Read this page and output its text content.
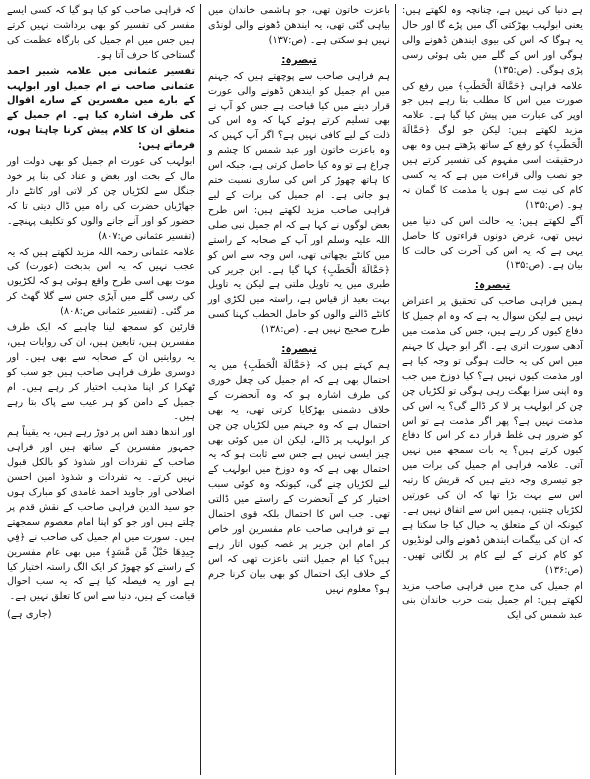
ہے دنیا کی نہیں ہے، چنانچہ وہ لکھتے ہیں: یعنی ابولہب بھڑکتی آگ میں پڑے گا اور حال یہ ہوگا کہ اس کی بیوی ایندھن ڈھونے والی ہوگی اور اس کے گلے میں بٹی ہوئی رسی پڑی ہوگی۔ (ص:۱۳۵)

علامہ فراہی ﴿حَمَّالَةَ الْحَطَبِ﴾ میں رفع کی صورت میں اس کا مطلب بتا رہے ہیں جو اوپر کی عبارت میں پیش کیا گیا ہے۔ علامہ مزید لکھتے ہیں: لیکن جو لوگ ﴿حَمَّالَةَ الْحَطَبِ﴾ کو رفع کے ساتھ پڑھتے ہیں وہ بھی درحقیقت اسی مفہوم کی تفسیر کرتے ہیں جو نصب والی قراءت میں ہے کہ یہ کسی کام کی نیت سے ہوں یا مذمت کا گمان نہ ہو۔ (ص:۱۳۵)

آگے لکھتے ہیں: یہ حالت اس کی دنیا میں نہیں تھی، غرض دونوں قراءتوں کا حاصل یہی ہے کہ یہ اس کی آخرت کی حالت کا بیان ہے۔ (ص:۱۳۵)

تبصرہ:

ہمیں فراہی صاحب کی تحقیق پر اعتراض نہیں ہے لیکن سوال یہ ہے کہ وہ ام جمیل کا دفاع کیوں کر رہے ہیں، جس کی مذمت میں آدھی سورت اتری ہے۔ اگر ابو جہل کا جہنم میں اس کی یہ حالت ہوگی تو وجہ کیا ہے اور مذمت کیوں نہیں ہے؟ کیا دوزخ میں جب وہ اپنی سزا بھگت رہی ہوگی تو لکڑیاں چن چن کر ابولہب پر لا کر ڈالے گی؟ یہ اس کی مذمت نہیں ہے؟ پھر اگر مذمت ہے تو اس کو ضرور ہی غلط قرار دے کر اس کا دفاع کیوں کرتے ہیں؟ یہ بات سمجھ میں نہیں آتی۔ علامہ فراہی ام جمیل کی برات میں جو تیسری وجہ دیتے ہیں کہ قریش کا رتبہ اس سے بہت بڑا تھا کہ ان کی عورتیں لکڑیاں چنتیں، ہمیں اس سے اتفاق نہیں ہے۔ کیونکہ ان کے متعلق یہ خیال کیا جا سکتا ہے کہ ان کی بیگمات ایندھن ڈھونے والی لونڈیوں کو کام کرنے کے لیے کام پر لگاتی تھیں۔ (ص:۱۳۶)

ام جمیل کی مدح میں فراہی صاحب مزید لکھتے ہیں: ام جمیل بنت حرب خاندان بنی عبد شمس کی ایک

باعزت خاتون تھی، جو ہاشمی خاندان میں بیاہی گئی تھی، یہ ایندھن ڈھونے والی لونڈی نہیں ہو سکتی ہے۔ (ص:۱۳۷)

تبصرہ:

ہم فراہی صاحب سے پوچھتے ہیں کہ جہنم میں ام جمیل کو ایندھن ڈھونے والی عورت قرار دینے میں کیا قباحت ہے جس کو آپ نے بھی تسلیم کرتے ہوئے کہا کہ وہ اس کی ذلت کے لیے کافی نہیں ہے؟ اگر آپ کہیں کہ وہ باعزت خاتون اور عبد شمس کا چشم و چراغ ہے تو وہ کیا حاصل کرتی ہے، جبکہ اس کا ہاتھ چھوڑ کر اس کی ساری نسبت ختم ہو جاتی ہے۔ ام جمیل کی برات کے لیے فراہی صاحب مزید لکھتے ہیں: اس طرح بعض لوگوں نے کہا ہے کہ ام جمیل نبی صلی اللہ علیہ وسلم اور آپ کے صحابہ کے راستے میں کانٹے بچھاتی تھی، اس وجہ سے اس کو ﴿حَمَّالَةَ الْحَطَبِ﴾ کہا گیا ہے۔ ابن جریر کی طبری میں یہ تاویل ملتی ہے لیکن یہ تاویل بہت بعید از قیاس ہے، راستہ میں لکڑی اور کانٹے ڈالنے والوں کو حامل الحطب کہنا کسی طرح صحیح نہیں ہے۔ (ص:۱۳۸)

تبصرہ:

ہم کہتے ہیں کہ ﴿حَمَّالَةَ الْحَطَبِ﴾ میں یہ احتمال بھی ہے کہ ام جمیل کی چغل خوری کی طرف اشارہ ہو کہ وہ آنحضرت کے خلاف دشمنی بھڑکایا کرتی تھی، یہ بھی احتمال ہے کہ وہ جہنم میں لکڑیاں چن چن کر ابولہب پر ڈالے، لیکن ان میں کوئی بھی چیز ایسی نہیں ہے جس سے ثابت ہو کہ یہ احتمال بھی ہے کہ وہ دوزخ میں ابولہب کے لیے لکڑیاں چنے گی، کیونکہ وہ کوئی سبب اختیار کر کے آنحضرت کے راستے میں ڈالتی تھی۔ جب اس کا احتمال بلکہ قوی احتمال ہے تو فراہی صاحب عام مفسرین اور خاص کر امام ابن جریر پر غصہ کیوں اتار رہے ہیں؟ کیا ام جمیل اتنی باعزت تھی کہ اس کے خلاف ایک احتمال کو بھی بیان کرنا جرم ہو؟ معلوم نہیں

کہ فراہی صاحب کو کیا ہو گیا کہ کسی ایسے مفسر کی تفسیر کو بھی برداشت نہیں کرتے ہیں جس میں ام جمیل کی بارگاہ عظمت کی گستاخی کا حرف آتا ہو۔

تفسیر عثمانی میں علامہ شبیر احمد عثمانی صاحب نے ام جمیل اور ابولہب کے بارے میں مفسرین کے سارے اقوال کی طرف اشارہ کیا ہے۔ ام جمیل کے متعلق ان کا کلام پیش کرنا چاہتا ہوں، فرماتے ہیں:

ابولہب کی عورت ام جمیل کو بھی دولت اور مال کے بخت اور بغض و عناد کی بنا پر خود جنگل سے لکڑیاں چن کر لاتی اور کانٹے دار جھاڑیاں حضرت کی راہ میں ڈال دیتی تا کہ حضور کو اور آنے جانے والوں کو تکلیف پہنچے۔ (تفسیر عثمانی ص:۸۰۷)

علامہ عثمانی رحمہ اللہ مزید لکھتے ہیں کہ یہ عجب نہیں کہ یہ اس بدبخت (عورت) کی موت بھی اسی طرح واقع ہوئی ہو کہ لکڑیوں کی رسی گلے میں آپڑی جس سے گلا گھٹ کر مر گئی۔ (تفسیر عثمانی ص:۸۰۸)

قارئین کو سمجھ لینا چاہیے کہ ایک طرف مفسرین ہیں، تابعین ہیں، ان کی روایات ہیں، یہ روایتیں ان کے صحابہ سے بھی ہیں۔ اور دوسری طرف فراہی صاحب ہیں جو سب کو ٹھکرا کر اپنا مذہب اختیار کر رہے ہیں۔ ام جمیل کے دامن کو ہر عیب سے پاک بتا رہے ہیں۔

اور اندھا دھند اس پر دوڑ رہے ہیں، یہ یقیناً ہم جمہور مفسرین کے ساتھ ہیں اور فراہی صاحب کے تفردات اور شذوذ کو بالکل قبول نہیں کرتے۔ یہ تفردات و شذوذ امین احسن اصلاحی اور جاوید احمد غامدی کو مبارک ہوں جو سید الدین فراہی صاحب کے نقش قدم پر چلتے ہیں اور جو کو اپنا امام معصوم سمجھتے ہیں۔ سورت میں ام جمیل کی صاحب نے ﴿فِي جِيدِهَا حَبْلٌ مِّن مَّسَدٍ﴾ میں بھی عام مفسرین کے راستے کو چھوڑ کر ایک الگ راستہ اختیار کیا ہے اور یہ فیصلہ کیا ہے کہ یہ سب احوال قیامت کے ہیں، دنیا سے اس کا تعلق نہیں ہے۔

(جاری ہے)
